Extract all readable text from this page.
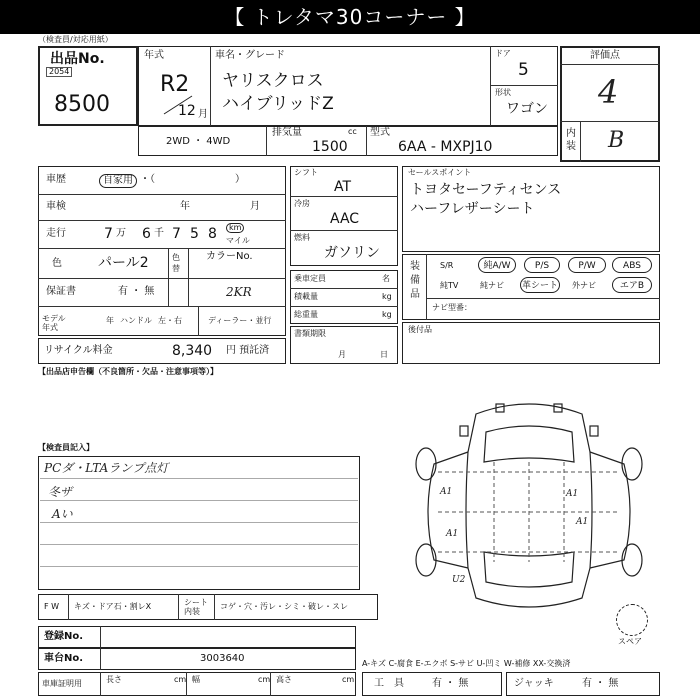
【 トレタマ30コーナー 】
（検査員/対応用紙）
出品No.
2054
8500
年式
R2
12 月
車名・グレード
ヤリスクロス
ハイブリッドZ
ドア
5
形状
ワゴン
評価点
4
内装 B
2WD ・ 4WD
排気量	cc
1500
型式
6AA - MXPJ10
車歴	自家用 ・（　　　　　　　　）
車検	年	月
走行	7 万 6 千 7 5 8	km
マイル
色	パール2	色替
カラーNo.
2KR
保証書	有 ・ 無
モデル年式
年 ハンドル 左・右	ディーラー・並行
リサイクル料金	8,340 円 預託済
シフト
AT
冷房
AAC
燃料
ガソリン
乗車定員	名
積載量	kg
総重量	kg
書類期限
月	日
セールスポイント
トヨタセーフティセンス
ハーフレザーシート
装備品
S/R	純A/W	P/S	P/W	ABS
純TV	純ナビ 革シート 外ナビ	エアB
ナビ型番：
後付品
【出品店申告欄（不良箇所・欠品・注意事項等）】
【検査員記入】
PCダ・LTAランプ点灯
冬ザ
Aい
A1	A1
A1
A1
U2
スペア
F W キズ・ドア石・割レX	シート内装
コゲ・穴・汚レ・シミ・破レ・スレ
登録No.
車台No.	3003640
車庫証明用	長さ	cm 幅	cm 高さ	cm
A-キズ C-腐食 E-エクボ S-サビ U-凹ミ W-補修 XX-交換済
工　具	有 ・ 無	ジャッキ	有 ・ 無
